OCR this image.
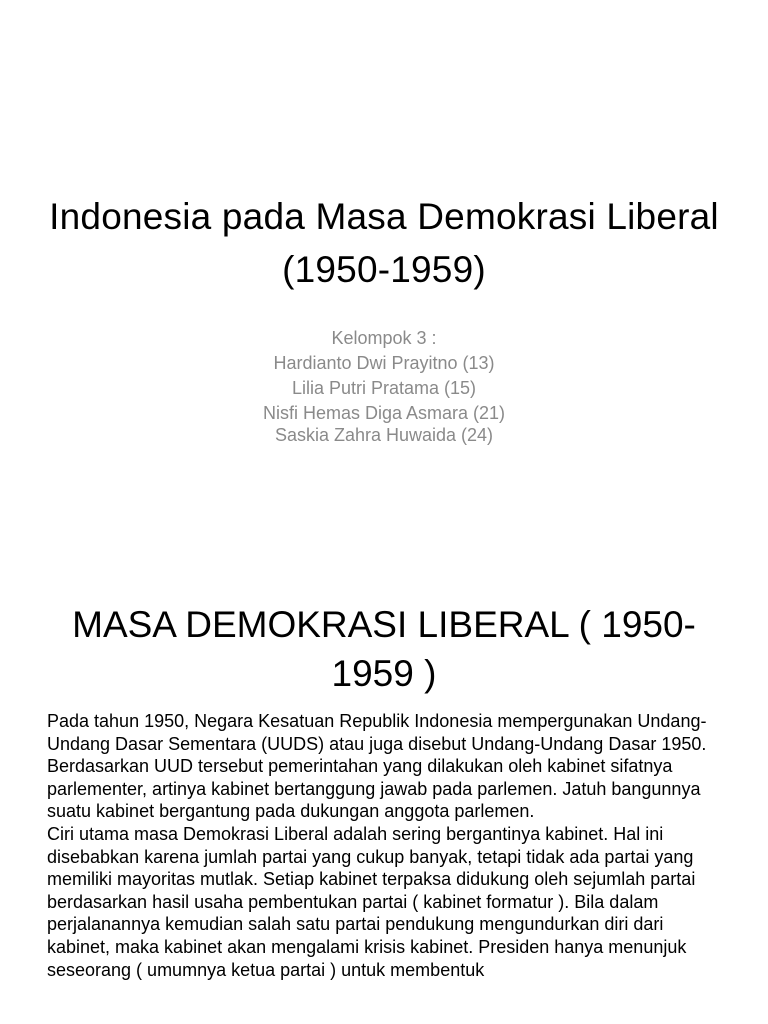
Indonesia pada Masa Demokrasi Liberal (1950-1959)
Kelompok 3 :
Hardianto Dwi Prayitno (13)
Lilia Putri Pratama (15)
Nisfi Hemas Diga Asmara (21)
Saskia Zahra Huwaida (24)
MASA DEMOKRASI LIBERAL ( 1950-1959 )

Pada tahun 1950, Negara Kesatuan Republik Indonesia mempergunakan Undang-Undang Dasar Sementara (UUDS) atau juga disebut Undang-Undang Dasar 1950. Berdasarkan UUD tersebut pemerintahan yang dilakukan oleh kabinet sifatnya parlementer, artinya kabinet bertanggung jawab pada parlemen. Jatuh bangunnya suatu kabinet bergantung pada dukungan anggota parlemen.

Ciri utama masa Demokrasi Liberal adalah sering bergantinya kabinet. Hal ini disebabkan karena jumlah partai yang cukup banyak, tetapi tidak ada partai yang memiliki mayoritas mutlak. Setiap kabinet terpaksa didukung oleh sejumlah partai berdasarkan hasil usaha pembentukan partai ( kabinet formatur ). Bila dalam perjalanannya kemudian salah satu partai pendukung mengundurkan diri dari kabinet, maka kabinet akan mengalami krisis kabinet. Presiden hanya menunjuk seseorang ( umumnya ketua partai ) untuk membentuk
